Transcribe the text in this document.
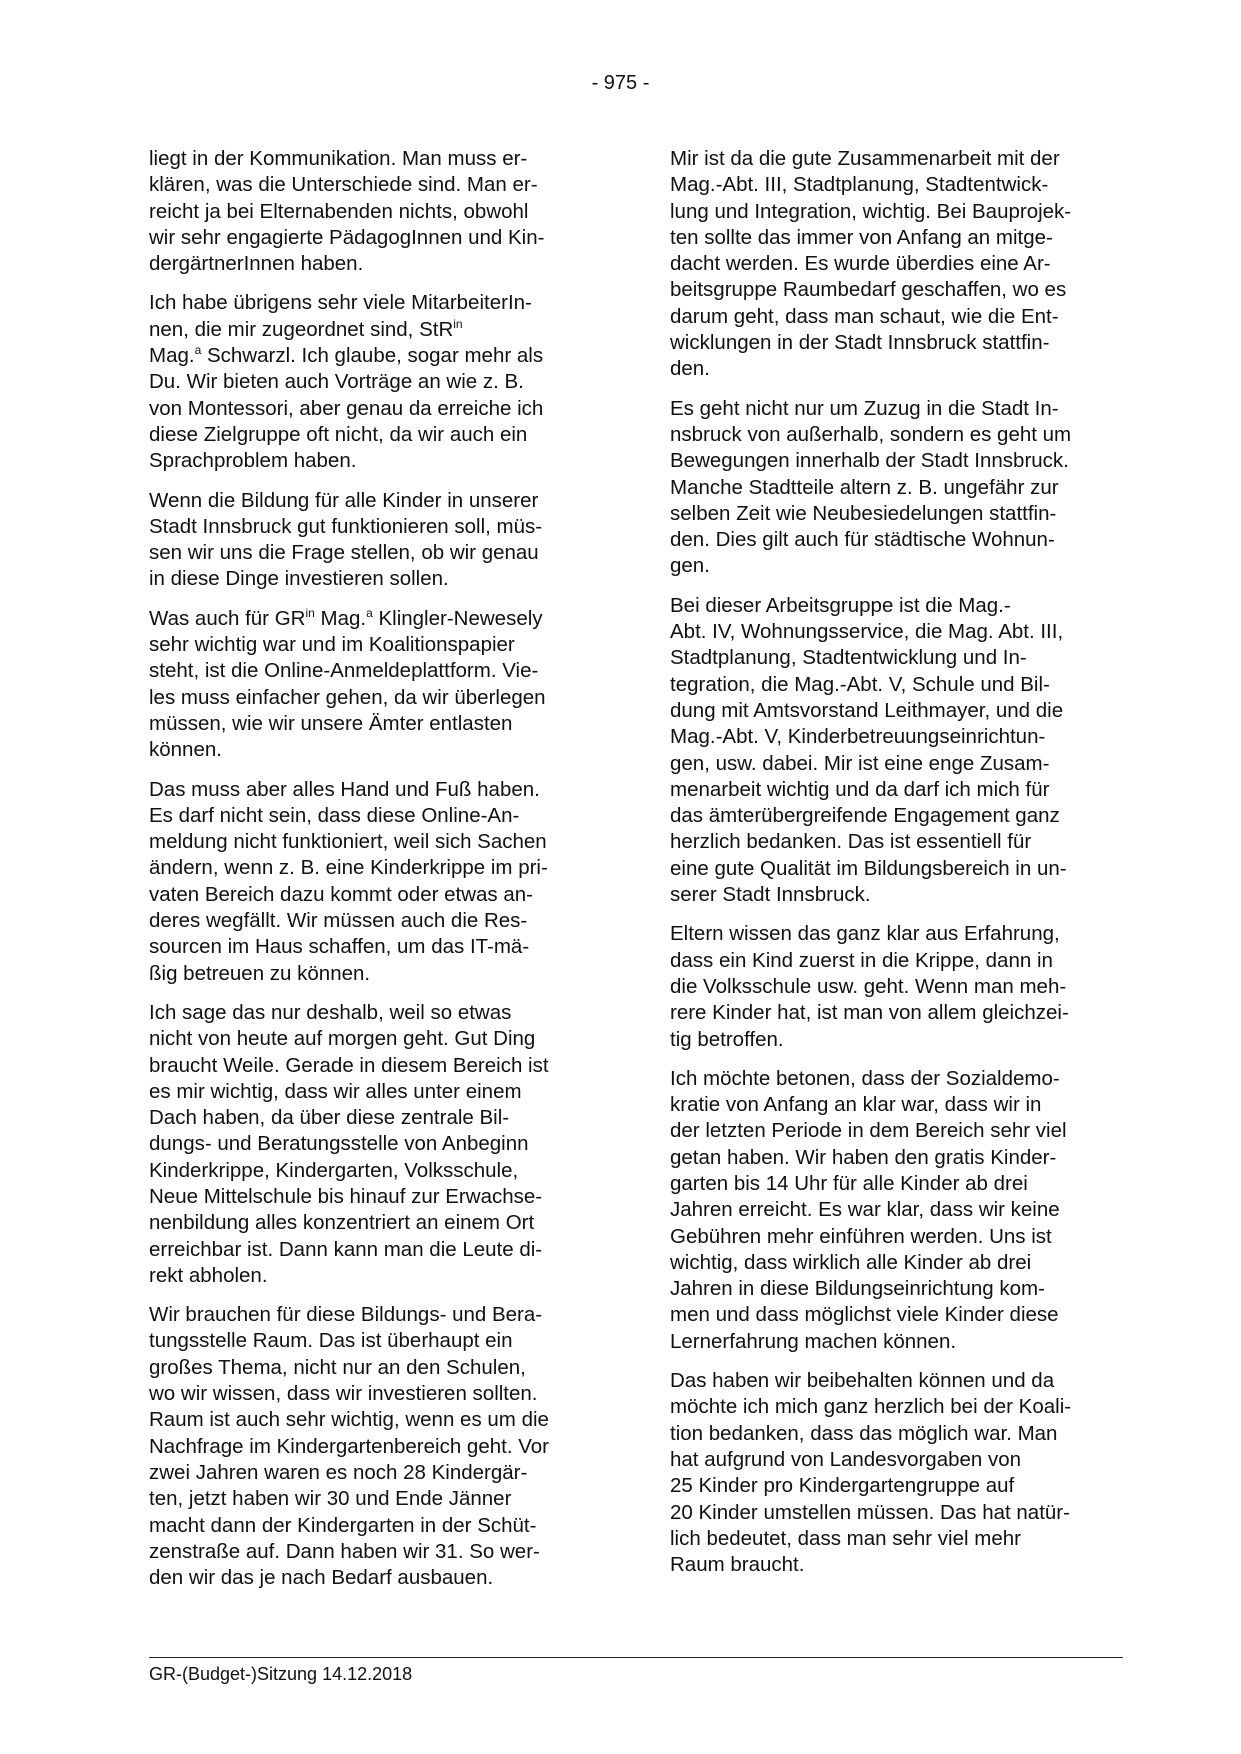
- 975 -

liegt in der Kommunikation. Man muss er-
klären, was die Unterschiede sind. Man er-
reicht ja bei Elternabenden nichts, obwohl
wir sehr engagierte PädagogInnen und Kin-
dergärtnerInnen haben.

Ich habe übrigens sehr viele MitarbeiterIn-
nen, die mir zugeordnet sind, StR$^{in}$
Mag.$^a$ Schwarzl. Ich glaube, sogar mehr als
Du. Wir bieten auch Vorträge an wie z. B.
von Montessori, aber genau da erreiche ich
diese Zielgruppe oft nicht, da wir auch ein
Sprachproblem haben.

Wenn die Bildung für alle Kinder in unserer
Stadt Innsbruck gut funktionieren soll, müs-
sen wir uns die Frage stellen, ob wir genau
in diese Dinge investieren sollen.

Was auch für $GR^{in}$ Mag.$^a$ Klingler-Newesely
sehr wichtig war und im Koalitionspapier
steht, ist die Online-Anmeldeplattform. Vie-
les muss einfacher gehen, da wir überlegen
müssen, wie wir unsere Ämter entlasten
können.

Das muss aber alles Hand und Fuß haben.
Es darf nicht sein, dass diese Online-An-
meldung nicht funktioniert, weil sich Sachen
ändern, wenn z. B. eine Kinderkrippe im pri-
vaten Bereich dazu kommt oder etwas an-
deres wegfällt. Wir müssen auch die Res-
sourcen im Haus schaffen, um das IT-mä-
ßig betreuen zu können.

Ich sage das nur deshalb, weil so etwas
nicht von heute auf morgen geht. Gut Ding
braucht Weile. Gerade in diesem Bereich ist
es mir wichtig, dass wir alles unter einem
Dach haben, da über diese zentrale Bil-
dungs- und Beratungsstelle von Anbeginn
Kinderkrippe, Kindergarten, Volksschule,
Neue Mittelschule bis hinauf zur Erwachse-
nenbildung alles konzentriert an einem Ort
erreichbar ist. Dann kann man die Leute di-
rekt abholen.

Wir brauchen für diese Bildungs- und Bera-
tungsstelle Raum. Das ist überhaupt ein
großes Thema, nicht nur an den Schulen,
wo wir wissen, dass wir investieren sollten.
Raum ist auch sehr wichtig, wenn es um die
Nachfrage im Kindergartenbereich geht. Vor
zwei Jahren waren es noch 28 Kindergär-
ten, jetzt haben wir 30 und Ende Jänner
macht dann der Kindergarten in der Schüt-
zenstraße auf. Dann haben wir 31. So wer-
den wir das je nach Bedarf ausbauen.

Mir ist da die gute Zusammenarbeit mit der
Mag.-Abt. III, Stadtplanung, Stadtentwick-
lung und Integration, wichtig. Bei Bauprojek-
ten sollte das immer von Anfang an mitge-
dacht werden. Es wurde überdies eine Ar-
beitsgruppe Raumbedarf geschaffen, wo es
darum geht, dass man schaut, wie die Ent-
wicklungen in der Stadt Innsbruck stattfin-
den.

Es geht nicht nur um Zuzug in die Stadt In-
nsbruck von außerhalb, sondern es geht um
Bewegungen innerhalb der Stadt Innsbruck.
Manche Stadtteile altern z. B. ungefähr zur
selben Zeit wie Neubesiedelungen stattfin-
den. Dies gilt auch für städtische Wohnun-
gen.

Bei dieser Arbeitsgruppe ist die Mag.-
Abt. IV, Wohnungsservice, die Mag. Abt. III,
Stadtplanung, Stadtentwicklung und In-
tegration, die Mag.-Abt. V, Schule und Bil-
dung mit Amtsvorstand Leithmayer, und die
Mag.-Abt. V, Kinderbetreuungseinrichtun-
gen, usw. dabei. Mir ist eine enge Zusam-
menarbeit wichtig und da darf ich mich für
das ämterübergreifende Engagement ganz
herzlich bedanken. Das ist essentiell für
eine gute Qualität im Bildungsbereich in un-
serer Stadt Innsbruck.

Eltern wissen das ganz klar aus Erfahrung,
dass ein Kind zuerst in die Krippe, dann in
die Volksschule usw. geht. Wenn man meh-
rere Kinder hat, ist man von allem gleichzei-
tig betroffen.

Ich möchte betonen, dass der Sozialdemo-
kratie von Anfang an klar war, dass wir in
der letzten Periode in dem Bereich sehr viel
getan haben. Wir haben den gratis Kinder-
garten bis 14 Uhr für alle Kinder ab drei
Jahren erreicht. Es war klar, dass wir keine
Gebühren mehr einführen werden. Uns ist
wichtig, dass wirklich alle Kinder ab drei
Jahren in diese Bildungseinrichtung kom-
men und dass möglichst viele Kinder diese
Lernerfahrung machen können.

Das haben wir beibehalten können und da
möchte ich mich ganz herzlich bei der Koali-
tion bedanken, dass das möglich war. Man
hat aufgrund von Landesvorgaben von
25 Kinder pro Kindergartengruppe auf
20 Kinder umstellen müssen. Das hat natür-
lich bedeutet, dass man sehr viel mehr
Raum braucht.

GR-(Budget-)Sitzung 14.12.2018
